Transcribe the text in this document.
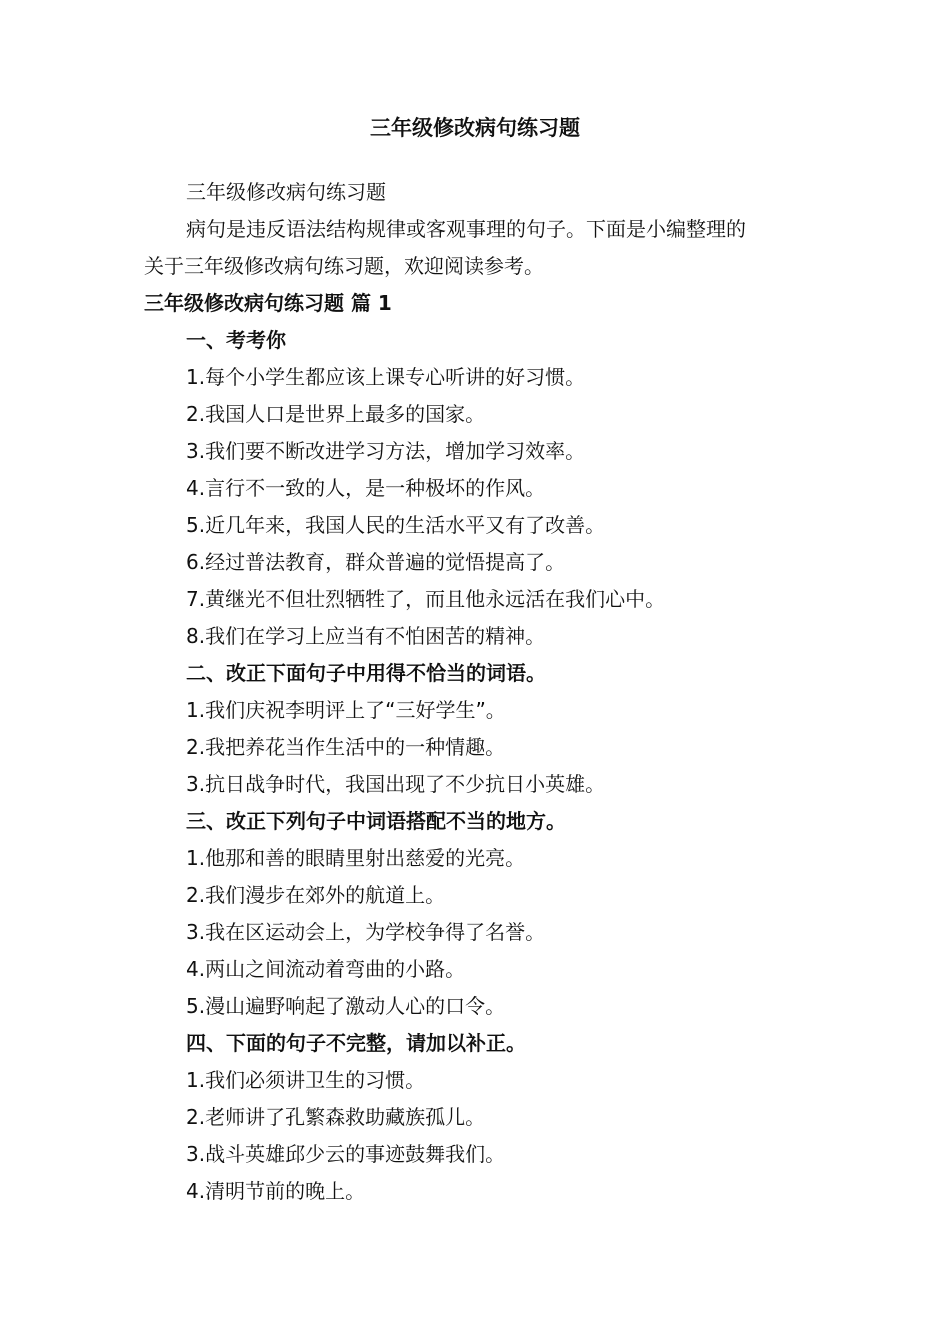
三年级修改病句练习题
三年级修改病句练习题
病句是违反语法结构规律或客观事理的句子。下面是小编整理的
关于三年级修改病句练习题，欢迎阅读参考。
三年级修改病句练习题 篇 1
一、考考你
1.每个小学生都应该上课专心听讲的好习惯。
2.我国人口是世界上最多的国家。
3.我们要不断改进学习方法，增加学习效率。
4.言行不一致的人，是一种极坏的作风。
5.近几年来，我国人民的生活水平又有了改善。
6.经过普法教育，群众普遍的觉悟提高了。
7.黄继光不但壮烈牺牲了，而且他永远活在我们心中。
8.我们在学习上应当有不怕困苦的精神。
二、改正下面句子中用得不恰当的词语。
1.我们庆祝李明评上了“三好学生”。
2.我把养花当作生活中的一种情趣。
3.抗日战争时代，我国出现了不少抗日小英雄。
三、改正下列句子中词语搭配不当的地方。
1.他那和善的眼睛里射出慈爱的光亮。
2.我们漫步在郊外的航道上。
3.我在区运动会上，为学校争得了名誉。
4.两山之间流动着弯曲的小路。
5.漫山遍野响起了激动人心的口令。
四、下面的句子不完整，请加以补正。
1.我们必须讲卫生的习惯。
2.老师讲了孔繁森救助藏族孤儿。
3.战斗英雄邱少云的事迹鼓舞我们。
4.清明节前的晚上。
